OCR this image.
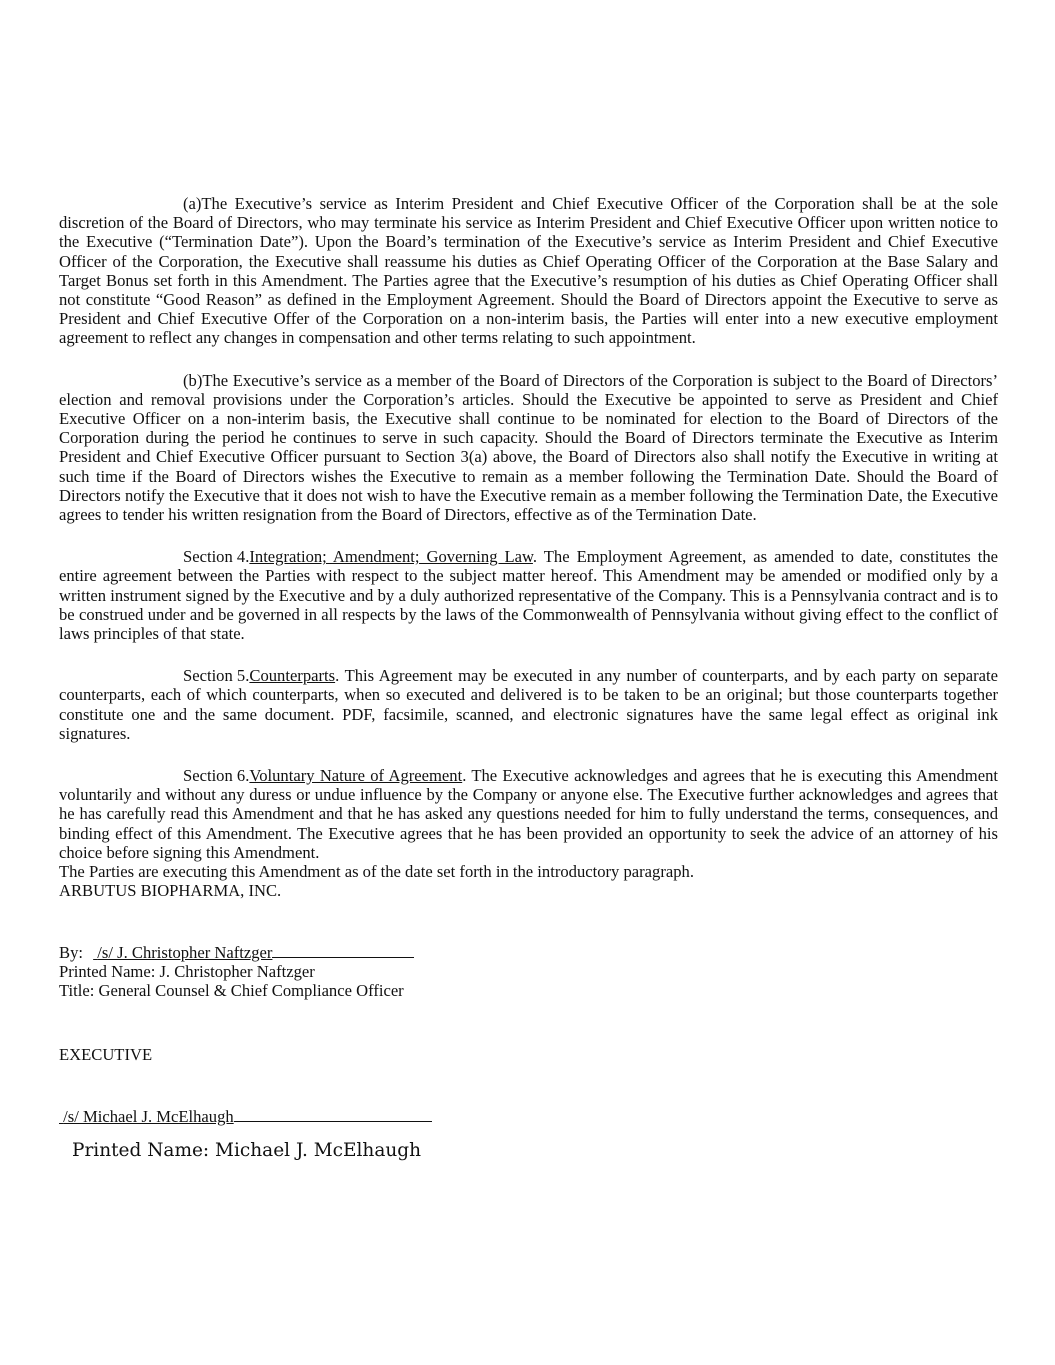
(a)The Executive’s service as Interim President and Chief Executive Officer of the Corporation shall be at the sole discretion of the Board of Directors, who may terminate his service as Interim President and Chief Executive Officer upon written notice to the Executive (“Termination Date”). Upon the Board’s termination of the Executive’s service as Interim President and Chief Executive Officer of the Corporation, the Executive shall reassume his duties as Chief Operating Officer of the Corporation at the Base Salary and Target Bonus set forth in this Amendment. The Parties agree that the Executive’s resumption of his duties as Chief Operating Officer shall not constitute “Good Reason” as defined in the Employment Agreement. Should the Board of Directors appoint the Executive to serve as President and Chief Executive Offer of the Corporation on a non-interim basis, the Parties will enter into a new executive employment agreement to reflect any changes in compensation and other terms relating to such appointment.

(b)The Executive’s service as a member of the Board of Directors of the Corporation is subject to the Board of Directors’ election and removal provisions under the Corporation’s articles. Should the Executive be appointed to serve as President and Chief Executive Officer on a non-interim basis, the Executive shall continue to be nominated for election to the Board of Directors of the Corporation during the period he continues to serve in such capacity. Should the Board of Directors terminate the Executive as Interim President and Chief Executive Officer pursuant to Section 3(a) above, the Board of Directors also shall notify the Executive in writing at such time if the Board of Directors wishes the Executive to remain as a member following the Termination Date. Should the Board of Directors notify the Executive that it does not wish to have the Executive remain as a member following the Termination Date, the Executive agrees to tender his written resignation from the Board of Directors, effective as of the Termination Date.

Section 4.Integration; Amendment; Governing Law. The Employment Agreement, as amended to date, constitutes the entire agreement between the Parties with respect to the subject matter hereof. This Amendment may be amended or modified only by a written instrument signed by the Executive and by a duly authorized representative of the Company. This is a Pennsylvania contract and is to be construed under and be governed in all respects by the laws of the Commonwealth of Pennsylvania without giving effect to the conflict of laws principles of that state.

Section 5.Counterparts. This Agreement may be executed in any number of counterparts, and by each party on separate counterparts, each of which counterparts, when so executed and delivered is to be taken to be an original; but those counterparts together constitute one and the same document. PDF, facsimile, scanned, and electronic signatures have the same legal effect as original ink signatures.

Section 6.Voluntary Nature of Agreement. The Executive acknowledges and agrees that he is executing this Amendment voluntarily and without any duress or undue influence by the Company or anyone else. The Executive further acknowledges and agrees that he has carefully read this Amendment and that he has asked any questions needed for him to fully understand the terms, consequences, and binding effect of this Amendment. The Executive agrees that he has been provided an opportunity to seek the advice of an attorney of his choice before signing this Amendment.

The Parties are executing this Amendment as of the date set forth in the introductory paragraph.

ARBUTUS BIOPHARMA, INC.

By: /s/ J. Christopher Naftzger
Printed Name: J. Christopher Naftzger
Title: General Counsel & Chief Compliance Officer

EXECUTIVE

/s/ Michael J. McElhaugh
Printed Name: Michael J. McElhaugh
